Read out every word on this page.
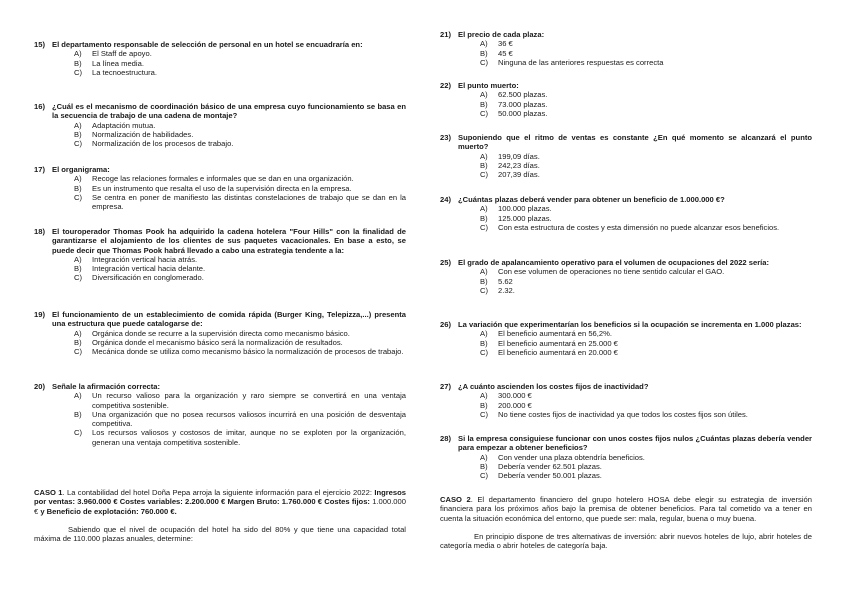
15) El departamento responsable de selección de personal en un hotel se encuadraría en:
A) El Staff de apoyo.
B) La línea media.
C) La tecnoestructura.
16) ¿Cuál es el mecanismo de coordinación básico de una empresa cuyo funcionamiento se basa en la secuencia de trabajo de una cadena de montaje?
A) Adaptación mutua.
B) Normalización de habilidades.
C) Normalización de los procesos de trabajo.
17) El organigrama:
A) Recoge las relaciones formales e informales que se dan en una organización.
B) Es un instrumento que resalta el uso de la supervisión directa en la empresa.
C) Se centra en poner de manifiesto las distintas constelaciones de trabajo que se dan en la empresa.
18) El touroperador Thomas Pook ha adquirido la cadena hotelera "Four Hills" con la finalidad de garantizarse el alojamiento de los clientes de sus paquetes vacacionales. En base a esto, se puede decir que Thomas Pook habrá llevado a cabo una estrategia tendente a la:
A) Integración vertical hacia atrás.
B) Integración vertical hacia delante.
C) Diversificación en conglomerado.
19) El funcionamiento de un establecimiento de comida rápida (Burger King, Telepizza,...) presenta una estructura que puede catalogarse de:
A) Orgánica donde se recurre a la supervisión directa como mecanismo básico.
B) Orgánica donde el mecanismo básico será la normalización de resultados.
C) Mecánica donde se utiliza como mecanismo básico la normalización de procesos de trabajo.
20) Señale la afirmación correcta:
A) Un recurso valioso para la organización y raro siempre se convertirá en una ventaja competitiva sostenible.
B) Una organización que no posea recursos valiosos incurrirá en una posición de desventaja competitiva.
C) Los recursos valiosos y costosos de imitar, aunque no se exploten por la organización, generan una ventaja competitiva sostenible.
CASO 1. La contabilidad del hotel Doña Pepa arroja la siguiente información para el ejercicio 2022: Ingresos por ventas: 3.960.000 € Costes variables: 2.200.000 € Margen Bruto: 1.760.000 € Costes fijos: 1.000.000 € y Beneficio de explotación: 760.000 €.
Sabiendo que el nivel de ocupación del hotel ha sido del 80% y que tiene una capacidad total máxima de 110.000 plazas anuales, determine:
21) El precio de cada plaza:
A) 36 €
B) 45 €
C) Ninguna de las anteriores respuestas es correcta
22) El punto muerto:
A) 62.500 plazas.
B) 73.000 plazas.
C) 50.000 plazas.
23) Suponiendo que el ritmo de ventas es constante ¿En qué momento se alcanzará el punto muerto?
A) 199,09 días.
B) 242,23 días.
C) 207,39 días.
24) ¿Cuántas plazas deberá vender para obtener un beneficio de 1.000.000 €?
A) 100.000 plazas.
B) 125.000 plazas.
C) Con esta estructura de costes y esta dimensión no puede alcanzar esos beneficios.
25) El grado de apalancamiento operativo para el volumen de ocupaciones del 2022 sería:
A) Con ese volumen de operaciones no tiene sentido calcular el GAO.
B) 5.62
C) 2.32.
26) La variación que experimentarían los beneficios si la ocupación se incrementa en 1.000 plazas:
A) El beneficio aumentará en 56,2%.
B) El beneficio aumentará en 25.000 €
C) El beneficio aumentará en 20.000 €
27) ¿A cuánto ascienden los costes fijos de inactividad?
A) 300.000 €
B) 200.000 €
C) No tiene costes fijos de inactividad ya que todos los costes fijos son útiles.
28) Si la empresa consiguiese funcionar con unos costes fijos nulos ¿Cuántas plazas debería vender para empezar a obtener beneficios?
A) Con vender una plaza obtendría beneficios.
B) Debería vender 62.501 plazas.
C) Debería vender 50.001 plazas.
CASO 2. El departamento financiero del grupo hotelero HOSA debe elegir su estrategia de inversión financiera para los próximos años bajo la premisa de obtener beneficios. Para tal cometido va a tener en cuenta la situación económica del entorno, que puede ser: mala, regular, buena o muy buena.
En principio dispone de tres alternativas de inversión: abrir nuevos hoteles de lujo, abrir hoteles de categoría media o abrir hoteles de categoría baja.
